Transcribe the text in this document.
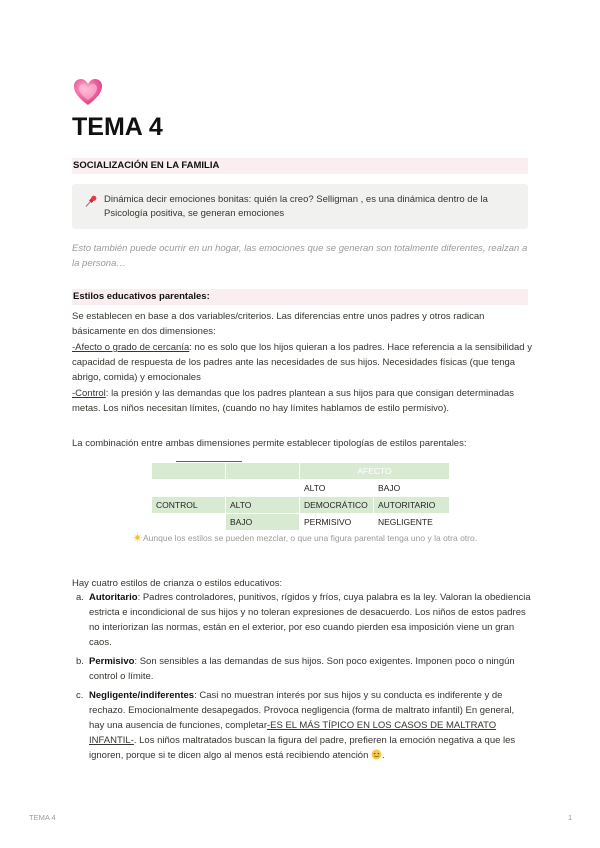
TEMA 4
SOCIALIZACIÓN EN LA FAMILIA
Dinámica decir emociones bonitas: quién la creo? Selligman , es una dinámica dentro de la Psicología positiva, se generan emociones
Esto también puede ocurrir en un hogar, las emociones que se generan son totalmente diferentes, realzan a la persona…
Estilos educativos parentales:
Se establecen en base a dos variables/criterios. Las diferencias entre unos padres y otros radican básicamente en dos dimensiones:
-Afecto o grado de cercanía: no es solo que los hijos quieran a los padres. Hace referencia a la sensibilidad y capacidad de respuesta de los padres ante las necesidades de sus hijos. Necesidades físicas (que tenga abrigo, comida) y emocionales
-Control: la presión y las demandas que los padres plantean a sus hijos para que consigan determinadas metas. Los niños necesitan límites, (cuando no hay límites hablamos de estilo permisivo).
La combinación entre ambas dimensiones permite establecer tipologías de estilos parentales:
		AFECTO	
		ALTO	BAJO
CONTROL	ALTO	DEMOCRÁTICO	AUTORITARIO
	BAJO	PERMISIVO	NEGLIGENTE
Aunque los estilos se pueden mezclar, o que una figura parental tenga uno y la otra otro.
Hay cuatro estilos de crianza o estilos educativos:
a. Autoritario: Padres controladores, punitivos, rígidos y fríos, cuya palabra es la ley. Valoran la obediencia estricta e incondicional de sus hijos y no toleran expresiones de desacuerdo. Los niños de estos padres no interiorizan las normas, están en el exterior, por eso cuando pierden esa imposición viene un gran caos.
b. Permisivo: Son sensibles a las demandas de sus hijos. Son poco exigentes. Imponen poco o ningún control o límite.
c. Negligente/indiferentes: Casi no muestran interés por sus hijos y su conducta es indiferente y de rechazo. Emocionalmente desapegados. Provoca negligencia (forma de maltrato infantil) En general, hay una ausencia de funciones, completar-ES EL MÁS TÍPICO EN LOS CASOS DE MALTRATO INFANTIL-. Los niños maltratados buscan la figura del padre, prefieren la emoción negativa a que les ignoren, porque si te dicen algo al menos está recibiendo atención .
TEMA 4	1
